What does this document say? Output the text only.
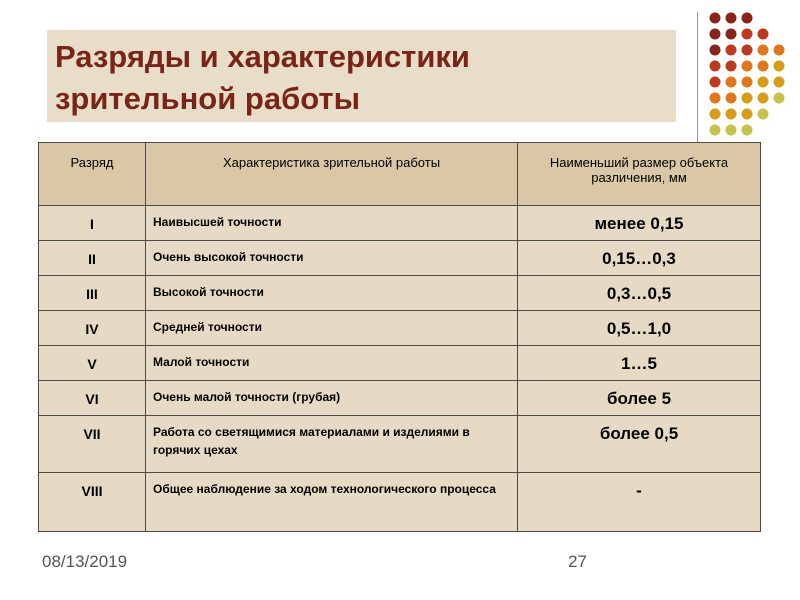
Разряды и характеристики
зрительной работы
Разряд	Характеристика зрительной работы	Наименьший размер объекта различения, мм
I	Наивысшей точности	менее 0,15
II	Очень высокой точности	0,15…0,3
III	Высокой точности	0,3…0,5
IV	Средней точности	0,5…1,0
V	Малой точности	1…5
VI	Очень малой точности (грубая)	более 5
VII	Работа со светящимися материалами и изделиями в горячих цехах	более 0,5
VIII	Общее наблюдение за ходом технологического процесса	-
08/13/2019	27
